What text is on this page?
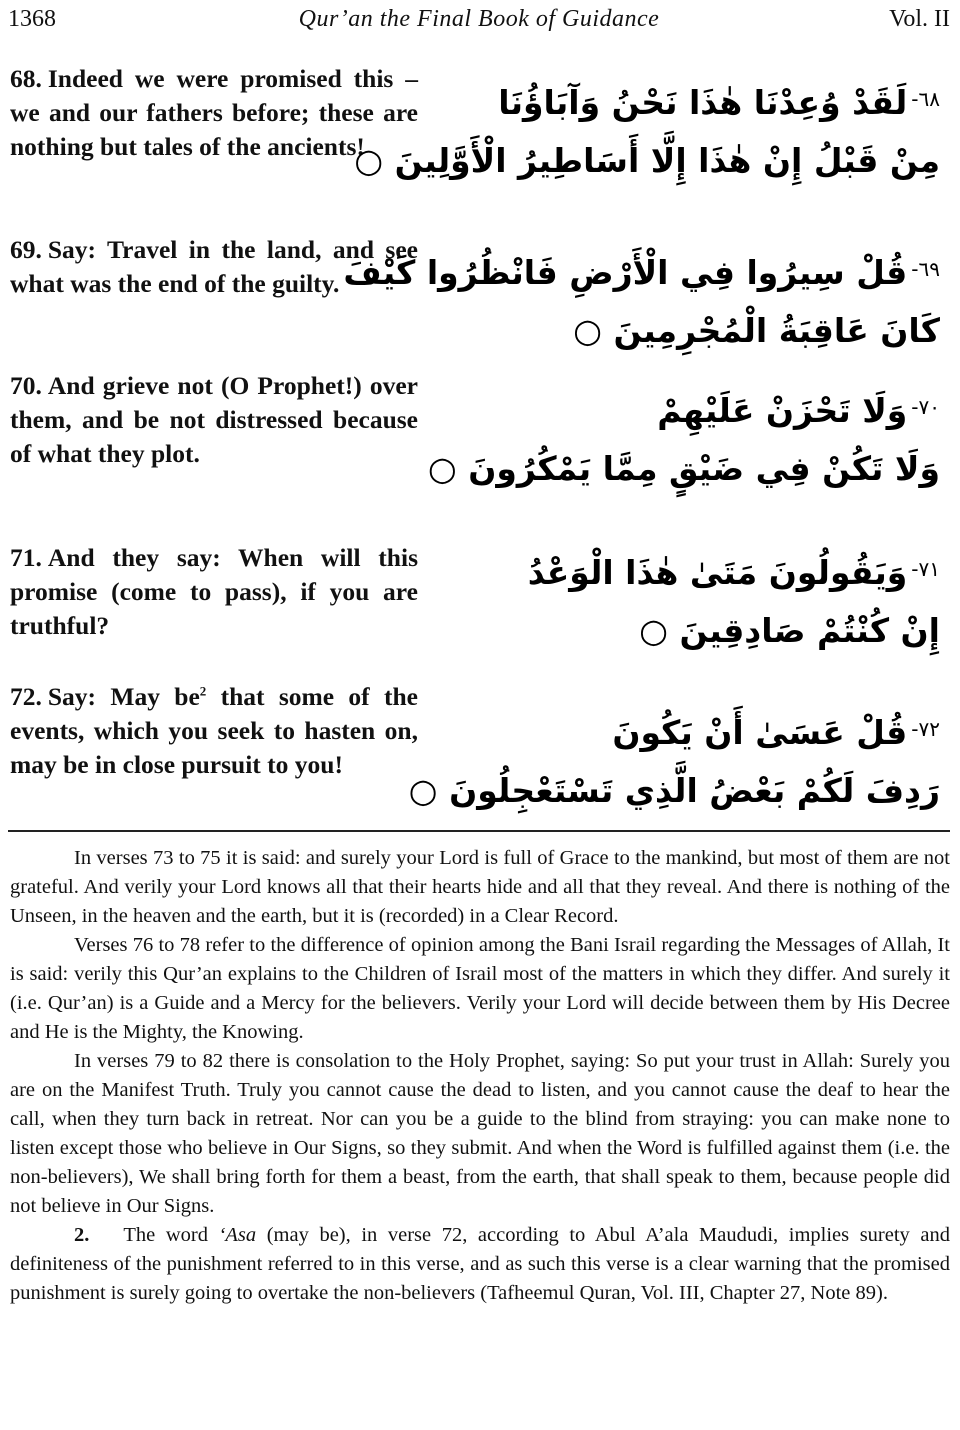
1368	Qur’an the Final Book of Guidance	Vol. II
68. Indeed we were promised this – we and our fathers before; these are nothing but tales of the ancients!
$^{٦٨-}$لَقَدْ وُعِدْنَا هٰذَا نَحْنُ وَآبَاؤُنَا
مِنْ قَبْلُ إِنْ هٰذَا إِلَّا أَسَاطِيرُ الْأَوَّلِينَ ○
69. Say: Travel in the land, and see what was the end of the guilty.	$^{٦٩-}$قُلْ سِيرُوا فِي الْأَرْضِ فَانْظُرُوا كَيْفَ
كَانَ عَاقِبَةُ الْمُجْرِمِينَ ○
70. And grieve not (O Prophet!) over them, and be not distressed because of what they plot.
$^{٧٠-}$وَلَا تَحْزَنْ عَلَيْهِمْ
وَلَا تَكُنْ فِي ضَيْقٍ مِمَّا يَمْكُرُونَ ○
71. And they say: When will this promise (come to pass), if you are truthful?
$^{٧١-}$وَيَقُولُونَ مَتَىٰ هٰذَا الْوَعْدُ
إِنْ كُنْتُمْ صَادِقِينَ ○
72. Say: May $be^2$ that some of the events, which you seek to hasten on, may be in close pursuit to you!
$^{٧٢-}$قُلْ عَسَىٰ أَنْ يَكُونَ
رَدِفَ لَكُمْ بَعْضُ الَّذِي تَسْتَعْجِلُونَ ○

In verses 73 to 75 it is said: and surely your Lord is full of Grace to the mankind, but most of them are not grateful. And verily your Lord knows all that their hearts hide and all that they reveal. And there is nothing of the Unseen, in the heaven and the earth, but it is (recorded) in a Clear Record.

Verses 76 to 78 refer to the difference of opinion among the Bani Israil regarding the Messages of Allah, It is said: verily this Qur’an explains to the Children of Israil most of the matters in which they differ. And surely it (i.e. Qur’an) is a Guide and a Mercy for the believers. Verily your Lord will decide between them by His Decree and He is the Mighty, the Knowing.

In verses 79 to 82 there is consolation to the Holy Prophet, saying: So put your trust in Allah: Surely you are on the Manifest Truth. Truly you cannot cause the dead to listen, and you cannot cause the deaf to hear the call, when they turn back in retreat. Nor can you be a guide to the blind from straying: you can make none to listen except those who believe in Our Signs, so they submit. And when the Word is fulfilled against them (i.e. the non-believers), We shall bring forth for them a beast, from the earth, that shall speak to them, because people did not believe in Our Signs.

2. The word ‘Asa (may be), in verse 72, according to Abul A’ala Maududi, implies surety and definiteness of the punishment referred to in this verse, and as such this verse is a clear warning that the promised punishment is surely going to overtake the non-believers (Tafheemul Quran, Vol. III, Chapter 27, Note 89).
